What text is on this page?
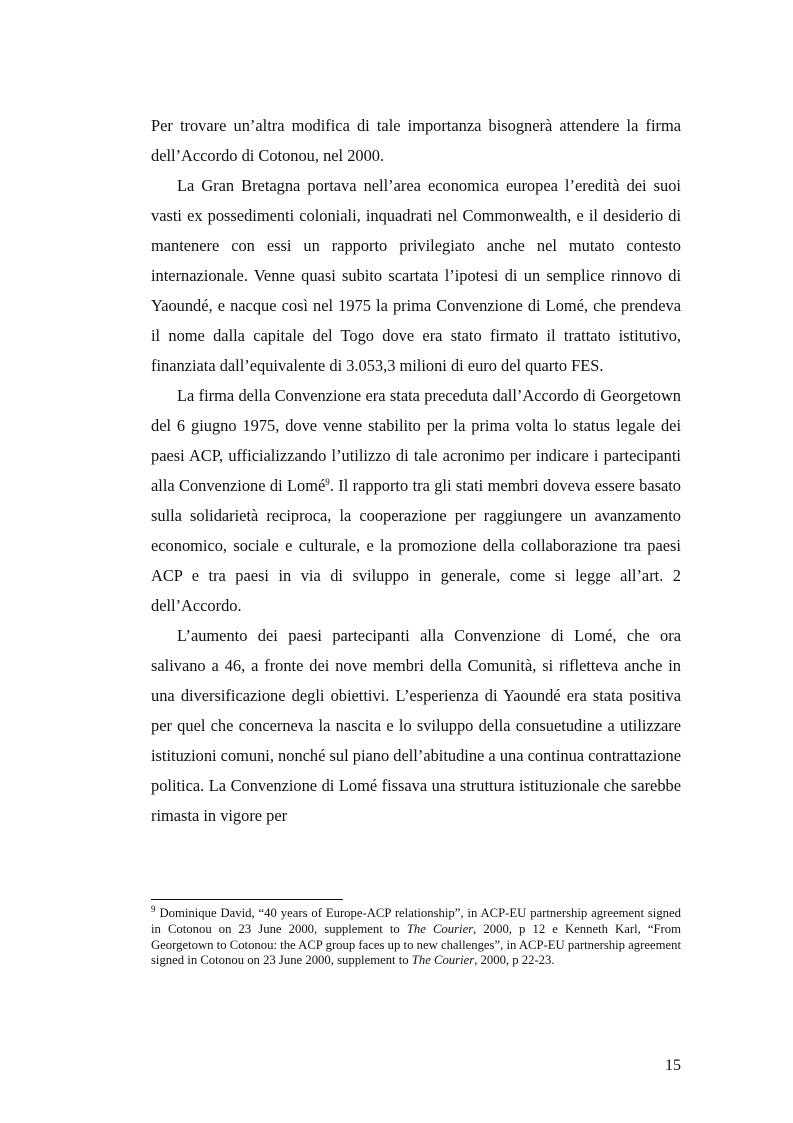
Per trovare un’altra modifica di tale importanza bisognerà attendere la firma dell’Accordo di Cotonou, nel 2000.

La Gran Bretagna portava nell’area economica europea l’eredità dei suoi vasti ex possedimenti coloniali, inquadrati nel Commonwealth, e il desiderio di mantenere con essi un rapporto privilegiato anche nel mutato contesto internazionale. Venne quasi subito scartata l’ipotesi di un semplice rinnovo di Yaoundé, e nacque così nel 1975 la prima Convenzione di Lomé, che prendeva il nome dalla capitale del Togo dove era stato firmato il trattato istitutivo, finanziata dall’equivalente di 3.053,3 milioni di euro del quarto FES.

La firma della Convenzione era stata preceduta dall’Accordo di Georgetown del 6 giugno 1975, dove venne stabilito per la prima volta lo status legale dei paesi ACP, ufficializzando l’utilizzo di tale acronimo per indicare i partecipanti alla Convenzione di Lomé$^9$. Il rapporto tra gli stati membri doveva essere basato sulla solidarietà reciproca, la cooperazione per raggiungere un avanzamento economico, sociale e culturale, e la promozione della collaborazione tra paesi ACP e tra paesi in via di sviluppo in generale, come si legge all’art. 2 dell’Accordo.

L’aumento dei paesi partecipanti alla Convenzione di Lomé, che ora salivano a 46, a fronte dei nove membri della Comunità, si rifletteva anche in una diversificazione degli obiettivi. L’esperienza di Yaoundé era stata positiva per quel che concerneva la nascita e lo sviluppo della consuetudine a utilizzare istituzioni comuni, nonché sul piano dell’abitudine a una continua contrattazione politica. La Convenzione di Lomé fissava una struttura istituzionale che sarebbe rimasta in vigore per

$^9$ Dominique David, “40 years of Europe-ACP relationship”, in ACP-EU partnership agreement signed in Cotonou on 23 June 2000, supplement to The Courier, 2000, p 12 e Kenneth Karl, “From Georgetown to Cotonou: the ACP group faces up to new challenges”, in ACP-EU partnership agreement signed in Cotonou on 23 June 2000, supplement to The Courier, 2000, p 22-23.

15
